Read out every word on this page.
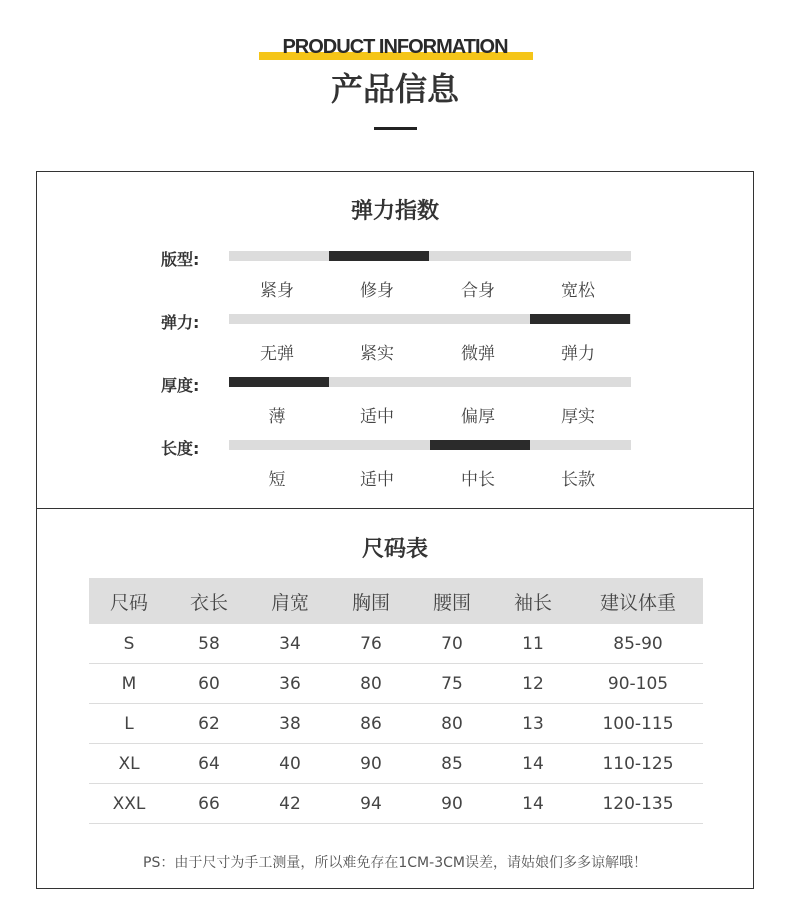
PRODUCT INFORMATION
产品信息
弹力指数
版型:
紧身	修身	合身	宽松
弹力:
无弹	紧实	微弹	弹力
厚度:
薄	适中	偏厚	厚实
长度:
短	适中	中长	长款
尺码表
尺码	衣长	肩宽	胸围	腰围	袖长	建议体重
S	58	34	76	70	11	85-90
M	60	36	80	75	12	90-105
L	62	38	86	80	13	100-115
XL	64	40	90	85	14	110-125
XXL	66	42	94	90	14	120-135
PS：由于尺寸为手工测量，所以难免存在1CM-3CM误差，请姑娘们多多谅解哦！
